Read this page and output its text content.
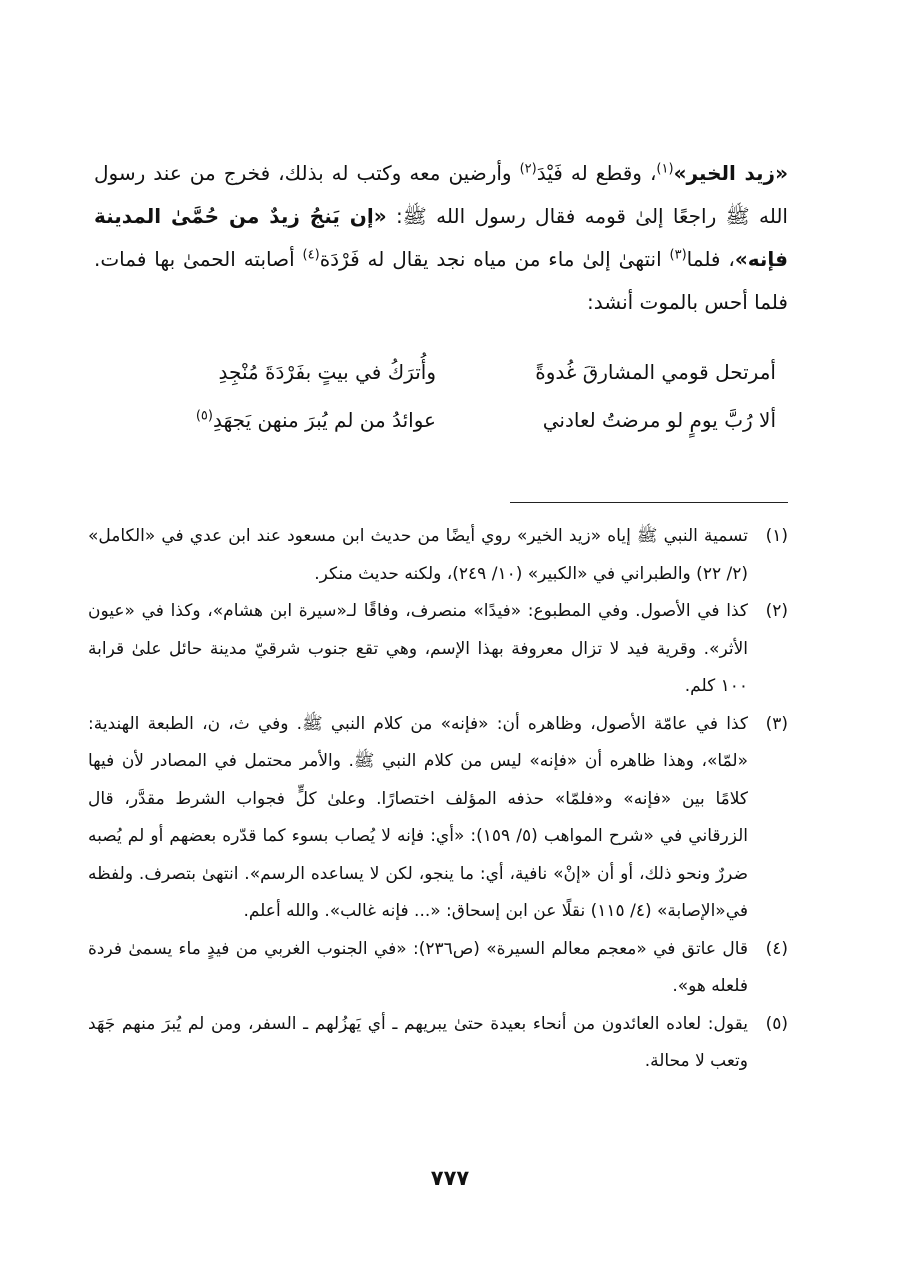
«زيد الخير»$^{(١)}$، وقطع له فَيْدَ$^{(٢)}$ وأرضين معه وكتب له بذلك، فخرج من عند رسول الله ﷺ راجعًا إلىٰ قومه فقال رسول الله ﷺ: «إن يَنجُ زيدٌ من حُمَّىٰ المدينة فإنه»، فلما$^{(٣)}$ انتهىٰ إلىٰ ماء من مياه نجد يقال له فَرْدَة$^{(٤)}$ أصابته الحمىٰ بها فمات. فلما أحس بالموت أنشد:

أمرتحل قومي المشارقَ غُدوةً
وأُترَكُ في بيتٍ بفَرْدَةَ مُنْجِدِ
ألا رُبَّ يومٍ لو مرضتُ لعادني
عوائدُ من لم يُبرَ منهن يَجهَدِ$^{(٥)}$
(١)
تسمية النبي ﷺ إياه «زيد الخير» روي أيضًا من حديث ابن مسعود عند ابن عدي في «الكامل» (٢/ ٢٢) والطبراني في «الكبير» (١٠/ ٢٤٩)، ولكنه حديث منكر.
(٢)
كذا في الأصول. وفي المطبوع: «فيدًا» منصرف، وفاقًا لـ«سيرة ابن هشام»، وكذا في «عيون الأثر». وقرية فيد لا تزال معروفة بهذا الإسم، وهي تقع جنوب شرقيّ مدينة حائل علىٰ قرابة ١٠٠ كلم.
(٣)
كذا في عامّة الأصول، وظاهره أن: «فإنه» من كلام النبي ﷺ. وفي ث، ن، الطبعة الهندية: «لمّا»، وهذا ظاهره أن «فإنه» ليس من كلام النبي ﷺ. والأمر محتمل في المصادر لأن فيها كلامًا بين «فإنه» و«فلمّا» حذفه المؤلف اختصارًا. وعلىٰ كلٍّ فجواب الشرط مقدَّر، قال الزرقاني في «شرح المواهب (٥/ ١٥٩): «أي: فإنه لا يُصاب بسوء كما قدّره بعضهم أو لم يُصبه ضررٌ ونحو ذلك، أو أن «إنْ» نافية، أي: ما ينجو، لكن لا يساعده الرسم». انتهىٰ بتصرف. ولفظه في«الإصابة» (٤/ ١١٥) نقلًا عن ابن إسحاق: «... فإنه غالب». والله أعلم.
(٤)
قال عاتق في «معجم معالم السيرة» (ص٢٣٦): «في الجنوب الغربي من فيدٍ ماء يسمىٰ فردة فلعله هو».
(٥)
يقول: لعاده العائدون من أنحاء بعيدة حتىٰ يبريهم ـ أي يَهزُلهم ـ السفر، ومن لم يُبرَ منهم جَهَد وتعب لا محالة.
٧٧٧
